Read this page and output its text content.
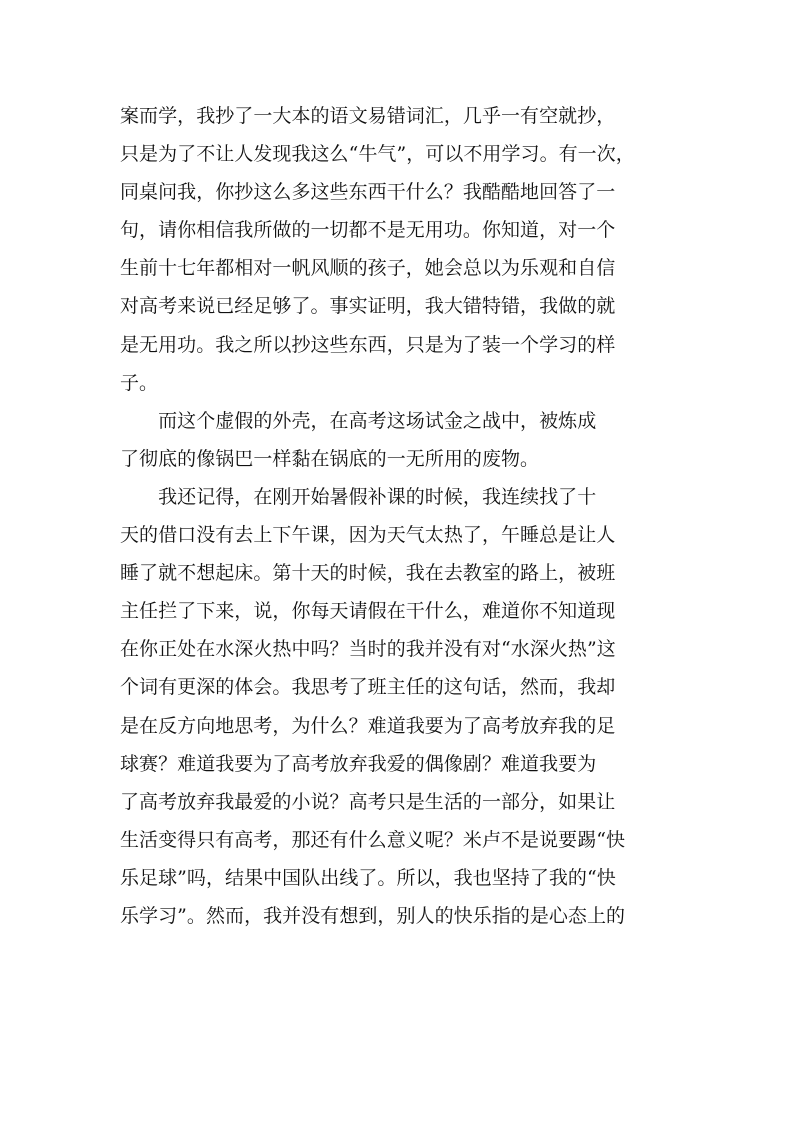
案而学，我抄了一大本的语文易错词汇，几乎一有空就抄，
只是为了不让人发现我这么“牛气”，可以不用学习。有一次，
同桌问我，你抄这么多这些东西干什么？我酷酷地回答了一
句，请你相信我所做的一切都不是无用功。你知道，对一个
生前十七年都相对一帆风顺的孩子，她会总以为乐观和自信
对高考来说已经足够了。事实证明，我大错特错，我做的就
是无用功。我之所以抄这些东西，只是为了装一个学习的样
子。
　　而这个虚假的外壳，在高考这场试金之战中，被炼成
了彻底的像锅巴一样黏在锅底的一无所用的废物。
　　我还记得，在刚开始暑假补课的时候，我连续找了十
天的借口没有去上下午课，因为天气太热了，午睡总是让人
睡了就不想起床。第十天的时候，我在去教室的路上，被班
主任拦了下来，说，你每天请假在干什么，难道你不知道现
在你正处在水深火热中吗？当时的我并没有对“水深火热”这
个词有更深的体会。我思考了班主任的这句话，然而，我却
是在反方向地思考，为什么？难道我要为了高考放弃我的足
球赛？难道我要为了高考放弃我爱的偶像剧？难道我要为
了高考放弃我最爱的小说？高考只是生活的一部分，如果让
生活变得只有高考，那还有什么意义呢？米卢不是说要踢“快
乐足球”吗，结果中国队出线了。所以，我也坚持了我的“快
乐学习”。然而，我并没有想到，别人的快乐指的是心态上的
